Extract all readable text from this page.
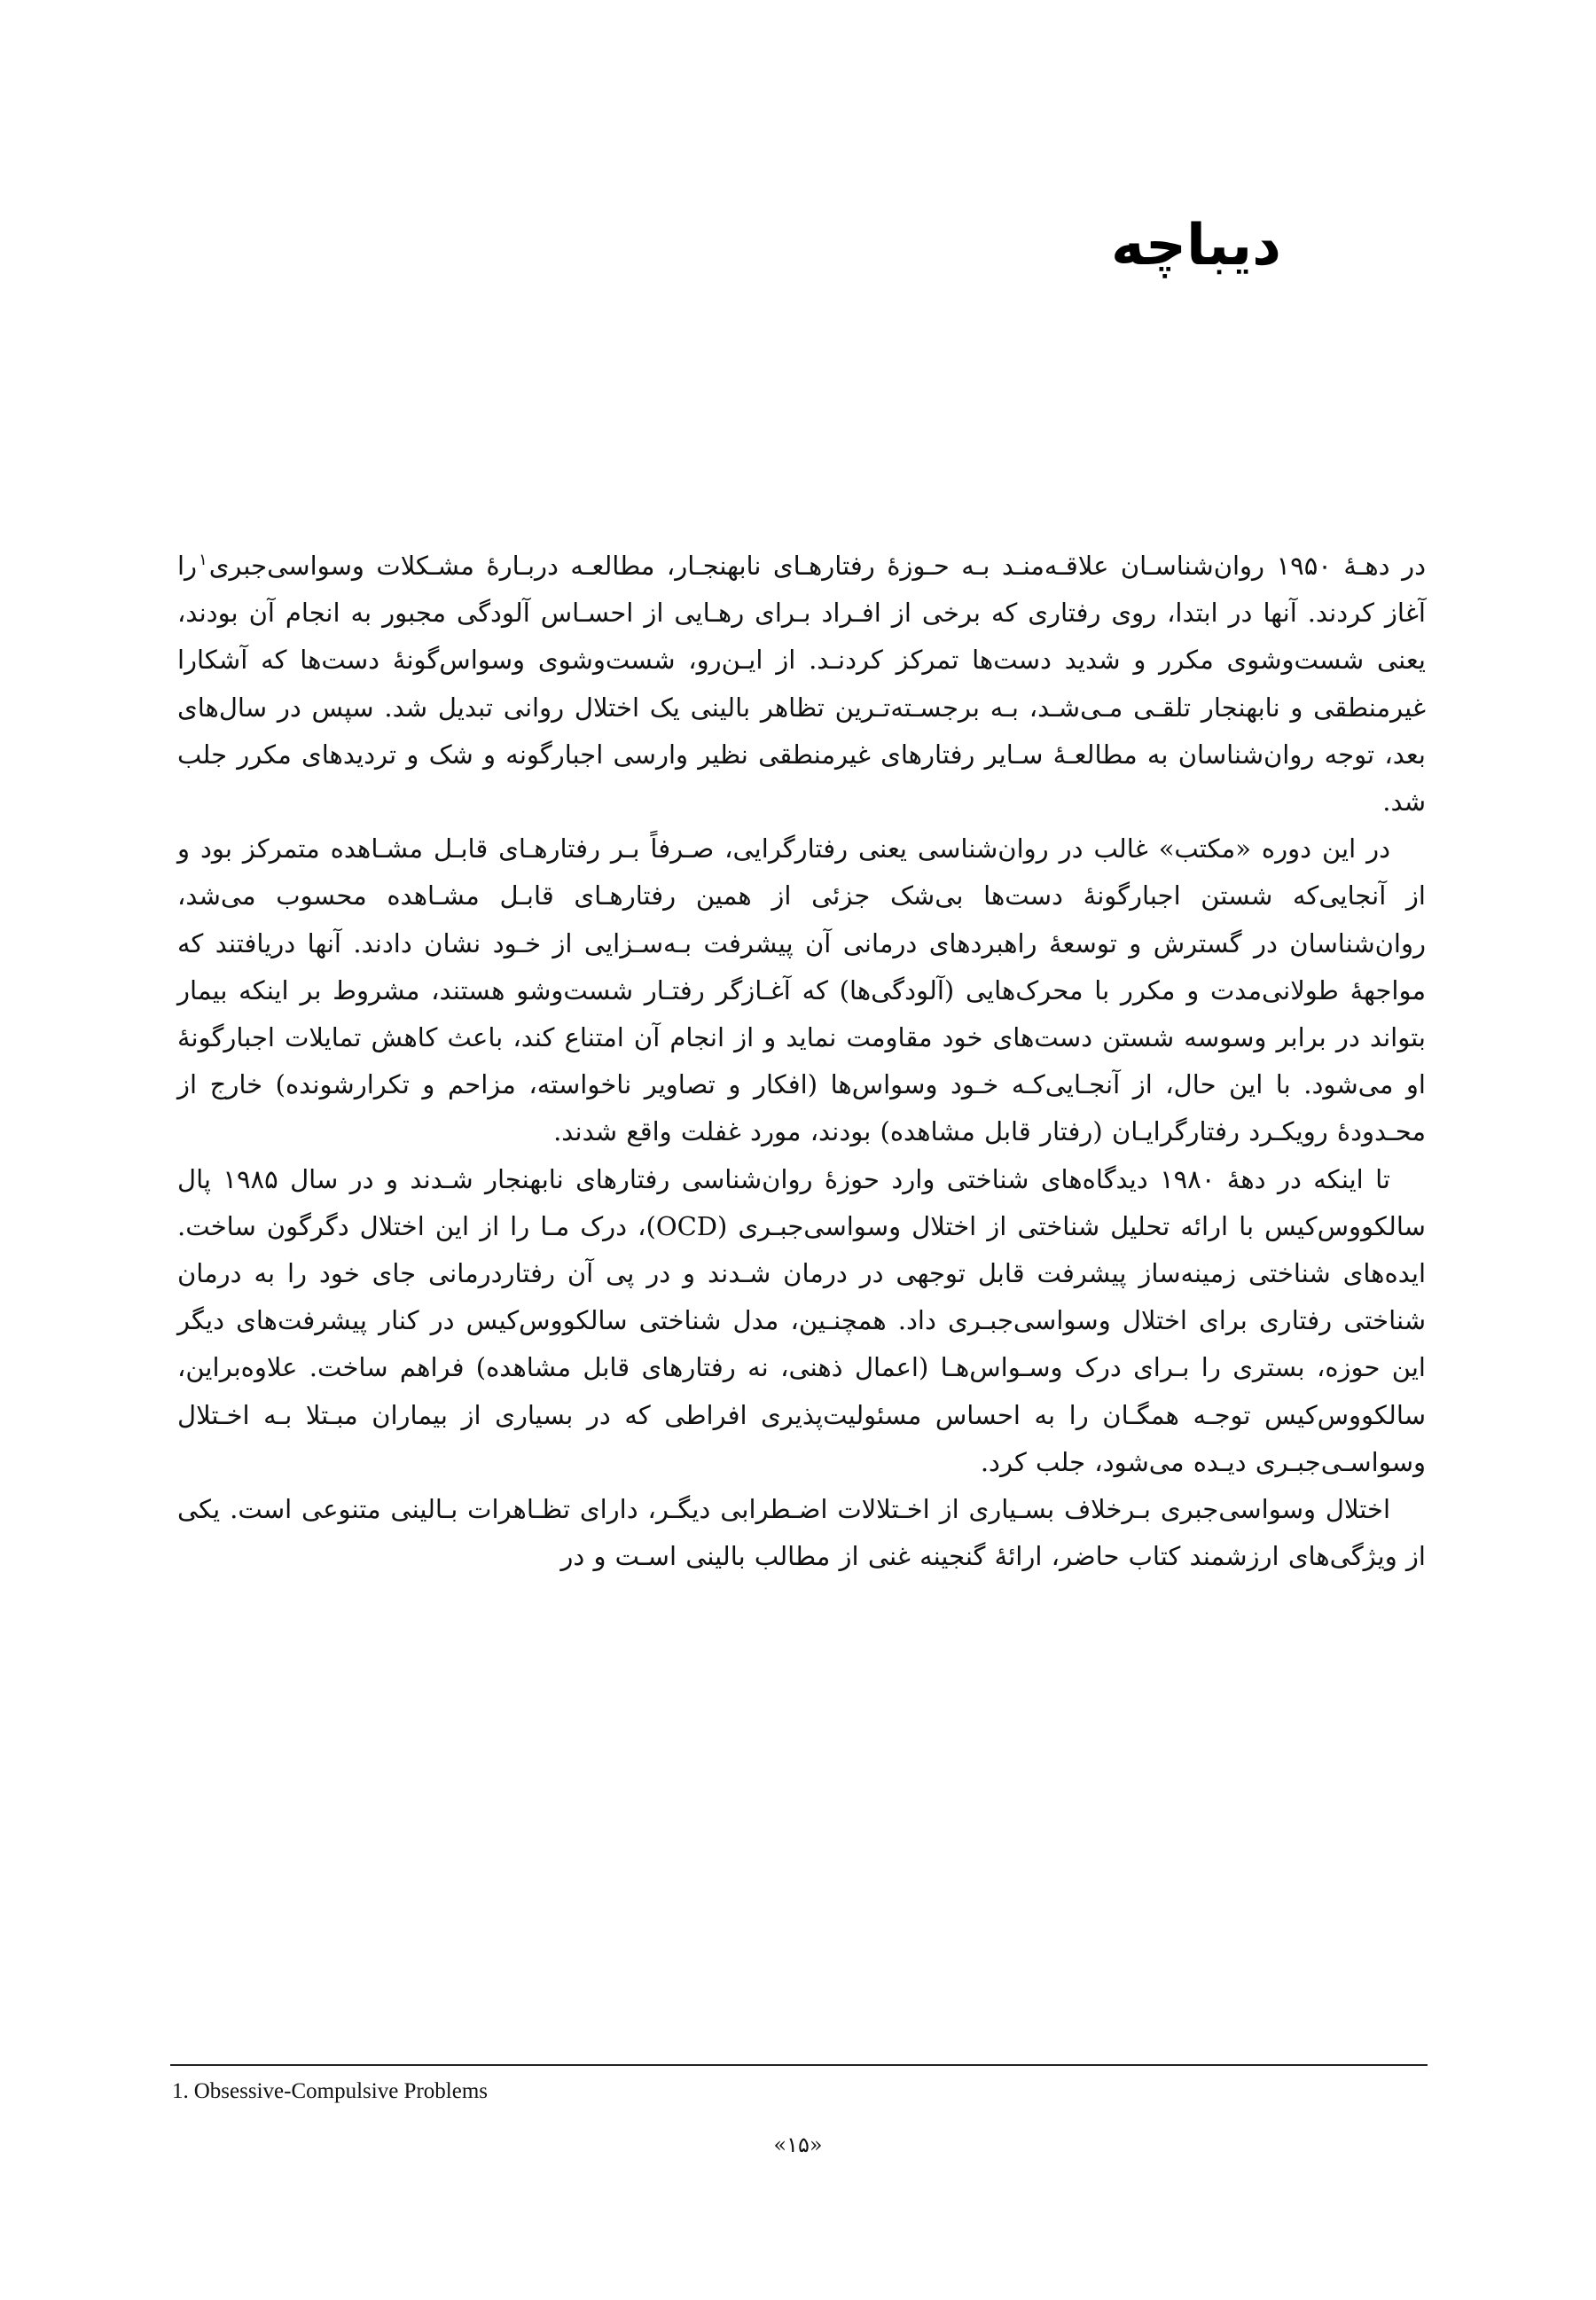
دیباچه

در دهـهٔ ۱۹۵۰ روان‌شناسـان علاقـه‌منـد بـه حـوزهٔ رفتارهـای نابهنجـار، مطالعـه دربـارهٔ مشـکلات وسواسی‌جبری$^۱$را آغاز کردند. آنها در ابتدا، روی رفتاری که برخی از افـراد بـرای رهـایی از احسـاس آلودگی مجبور به انجام آن بودند، یعنی شست‌وشوی مکرر و شدید دست‌ها تمرکز کردنـد. از ایـن‌رو، شست‌وشوی وسواس‌گونهٔ دست‌ها که آشکارا غیرمنطقی و نابهنجار تلقـی مـی‌شـد، بـه برجسـته‌تـرین تظاهر بالینی یک اختلال روانی تبدیل شد. سپس در سال‌های بعد، توجه روان‌شناسان به مطالعـهٔ سـایر رفتارهای غیرمنطقی نظیر وارسی اجبارگونه و شک و تردیدهای مکرر جلب شد.

در این دوره «مکتب» غالب در روان‌شناسی یعنی رفتارگرایی، صـرفاً بـر رفتارهـای قابـل مشـاهده متمرکز بود و از آنجایی‌که شستن اجبارگونهٔ دست‌ها بی‌شک جزئی از همین رفتارهـای قابـل مشـاهده محسوب می‌شد، روان‌شناسان در گسترش و توسعهٔ راهبردهای درمانی آن پیشرفت بـه‌سـزایی از خـود نشان دادند. آنها دریافتند که مواجههٔ طولانی‌مدت و مکرر با محرک‌هایی (آلودگی‌ها) که آغـازگر رفتـار شست‌وشو هستند، مشروط بر اینکه بیمار بتواند در برابر وسوسه شستن دست‌های خود مقاومت نماید و از انجام آن امتناع کند، باعث کاهش تمایلات اجبارگونهٔ او می‌شود. با این حال، از آنجـایی‌کـه خـود وسواس‌ها (افکار و تصاویر ناخواسته، مزاحم و تکرارشونده) خارج از محـدودهٔ رویکـرد رفتارگرایـان (رفتار قابل مشاهده) بودند، مورد غفلت واقع شدند.

تا اینکه در دههٔ ۱۹۸۰ دیدگاه‌های شناختی وارد حوزهٔ روان‌شناسی رفتارهای نابهنجار شـدند و در سال ۱۹۸۵ پال سالکووس‌کیس با ارائه تحلیل شناختی از اختلال وسواسی‌جبـری (OCD)، درک مـا را از این اختلال دگرگون ساخت. ایده‌های شناختی زمینه‌ساز پیشرفت قابل توجهی در درمان شـدند و در پی آن رفتاردرمانی جای خود را به درمان شناختی رفتاری برای اختلال وسواسی‌جبـری داد. همچنـین، مدل شناختی سالکووس‌کیس در کنار پیشرفت‌های دیگر این حوزه، بستری را بـرای درک وسـواس‌هـا (اعمال ذهنی، نه رفتارهای قابل مشاهده) فراهم ساخت. علاوه‌براین، سالکووس‌کیس توجـه همگـان را به احساس مسئولیت‌پذیری افراطی که در بسیاری از بیماران مبـتلا بـه اخـتلال وسواسـی‌جبـری دیـده می‌شود، جلب کرد.

اختلال وسواسی‌جبری بـرخلاف بسـیاری از اخـتلالات اضـطرابی دیگـر، دارای تظـاهرات بـالینی متنوعی است. یکی از ویژگی‌های ارزشمند کتاب حاضر، ارائهٔ گنجینه غنی از مطالب بالینی اسـت و در

1. Obsessive-Compulsive Problems

«۱۵»
